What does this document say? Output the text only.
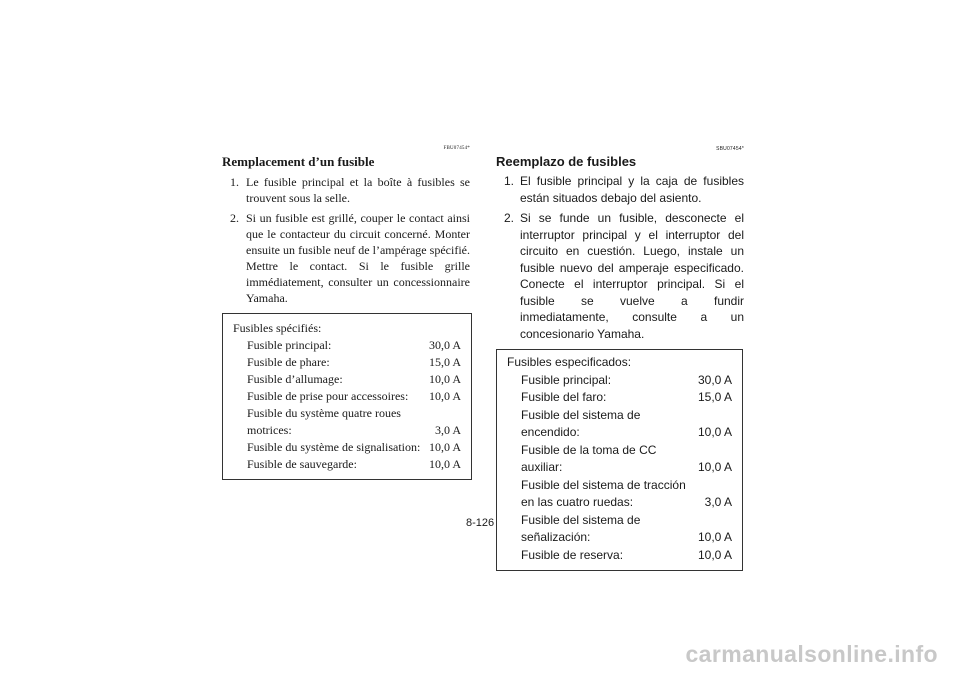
FBU07454*
Remplacement d’un fusible
1. Le fusible principal et la boîte à fusibles se trouvent sous la selle.
2. Si un fusible est grillé, couper le contact ainsi que le contacteur du circuit concerné. Monter ensuite un fusible neuf de l’ampérage spécifié. Mettre le contact. Si le fusible grille immédiatement, consulter un concessionnaire Yamaha.
Fusibles spécifiés:
Fusible principal:	30,0 A
Fusible de phare:	15,0 A
Fusible d’allumage:	10,0 A
Fusible de prise pour accessoires:	10,0 A
Fusible du système quatre roues motrices:	3,0 A
Fusible du système de signalisation: 10,0 A
Fusible de sauvegarde:	10,0 A
SBU07454*
Reemplazo de fusibles
1. El fusible principal y la caja de fusibles están situados debajo del asiento.
2. Si se funde un fusible, desconecte el interruptor principal y el interruptor del circuito en cuestión. Luego, instale un fusible nuevo del amperaje especificado. Conecte el interruptor principal. Si el fusible se vuelve a fundir inmediatamente, consulte a un concesionario Yamaha.
Fusibles especificados:
Fusible principal:	30,0 A
Fusible del faro:	15,0 A
Fusible del sistema de encendido:	10,0 A
Fusible de la toma de CC auxiliar:	10,0 A
Fusible del sistema de tracción en las cuatro ruedas:	3,0 A
Fusible del sistema de señalización:	10,0 A
Fusible de reserva:	10,0 A
8-126
carmanualsonline.info
